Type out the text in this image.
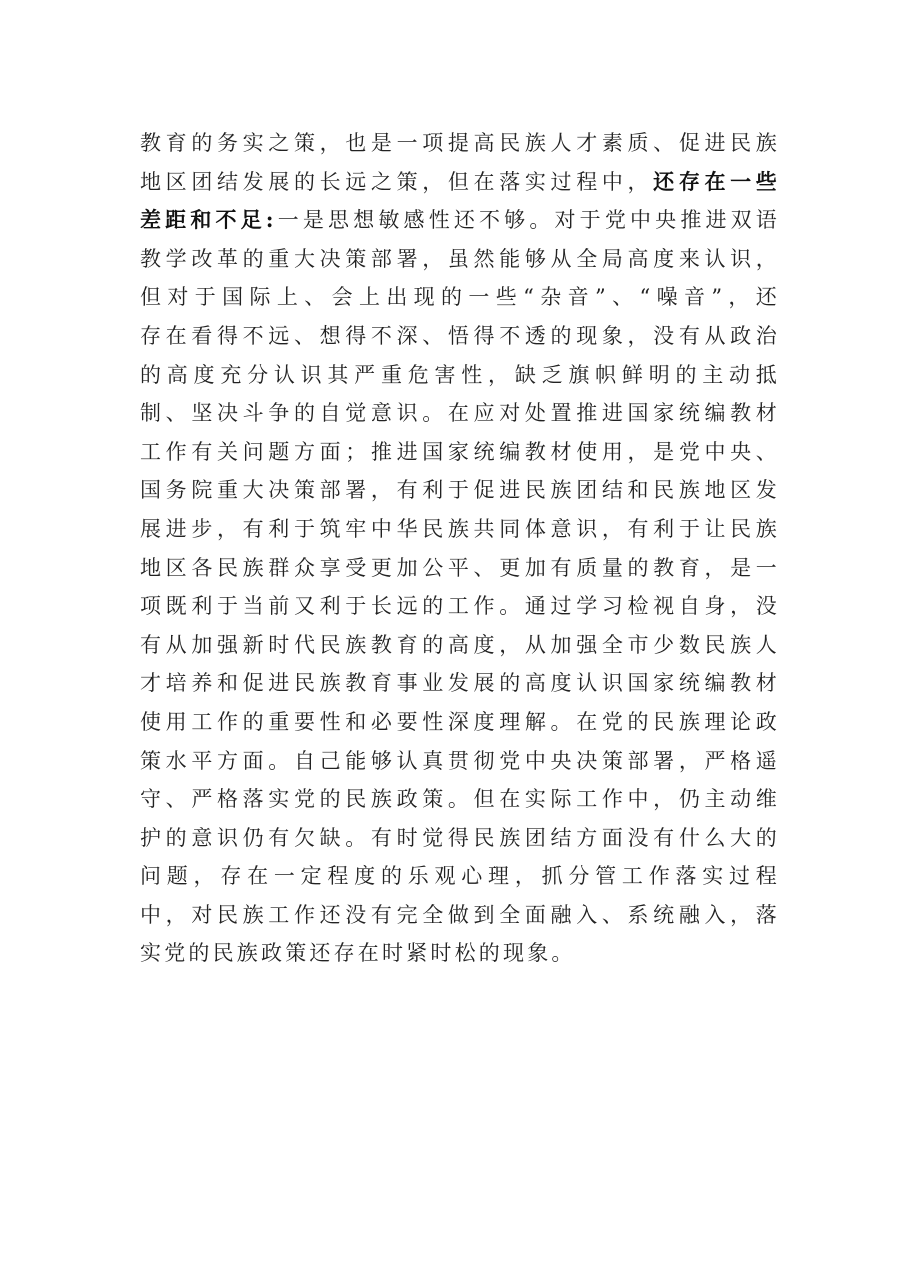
教育的务实之策，也是一项提高民族人才素质、促进民族
地区团结发展的长远之策，但在落实过程中，还存在一些
差距和不足:一是思想敏感性还不够。对于党中央推进双语
教学改革的重大决策部署，虽然能够从全局高度来认识，
但对于国际上、会上出现的一些“杂音”、“噪音”，还
存在看得不远、想得不深、悟得不透的现象，没有从政治
的高度充分认识其严重危害性，缺乏旗帜鲜明的主动抵
制、坚决斗争的自觉意识。在应对处置推进国家统编教材
工作有关问题方面；推进国家统编教材使用，是党中央、
国务院重大决策部署，有利于促进民族团结和民族地区发
展进步，有利于筑牢中华民族共同体意识，有利于让民族
地区各民族群众享受更加公平、更加有质量的教育，是一
项既利于当前又利于长远的工作。通过学习检视自身，没
有从加强新时代民族教育的高度，从加强全市少数民族人
才培养和促进民族教育事业发展的高度认识国家统编教材
使用工作的重要性和必要性深度理解。在党的民族理论政
策水平方面。自己能够认真贯彻党中央决策部署，严格遥
守、严格落实党的民族政策。但在实际工作中，仍主动维
护的意识仍有欠缺。有时觉得民族团结方面没有什么大的
问题，存在一定程度的乐观心理，抓分管工作落实过程
中，对民族工作还没有完全做到全面融入、系统融入，落
实党的民族政策还存在时紧时松的现象。
